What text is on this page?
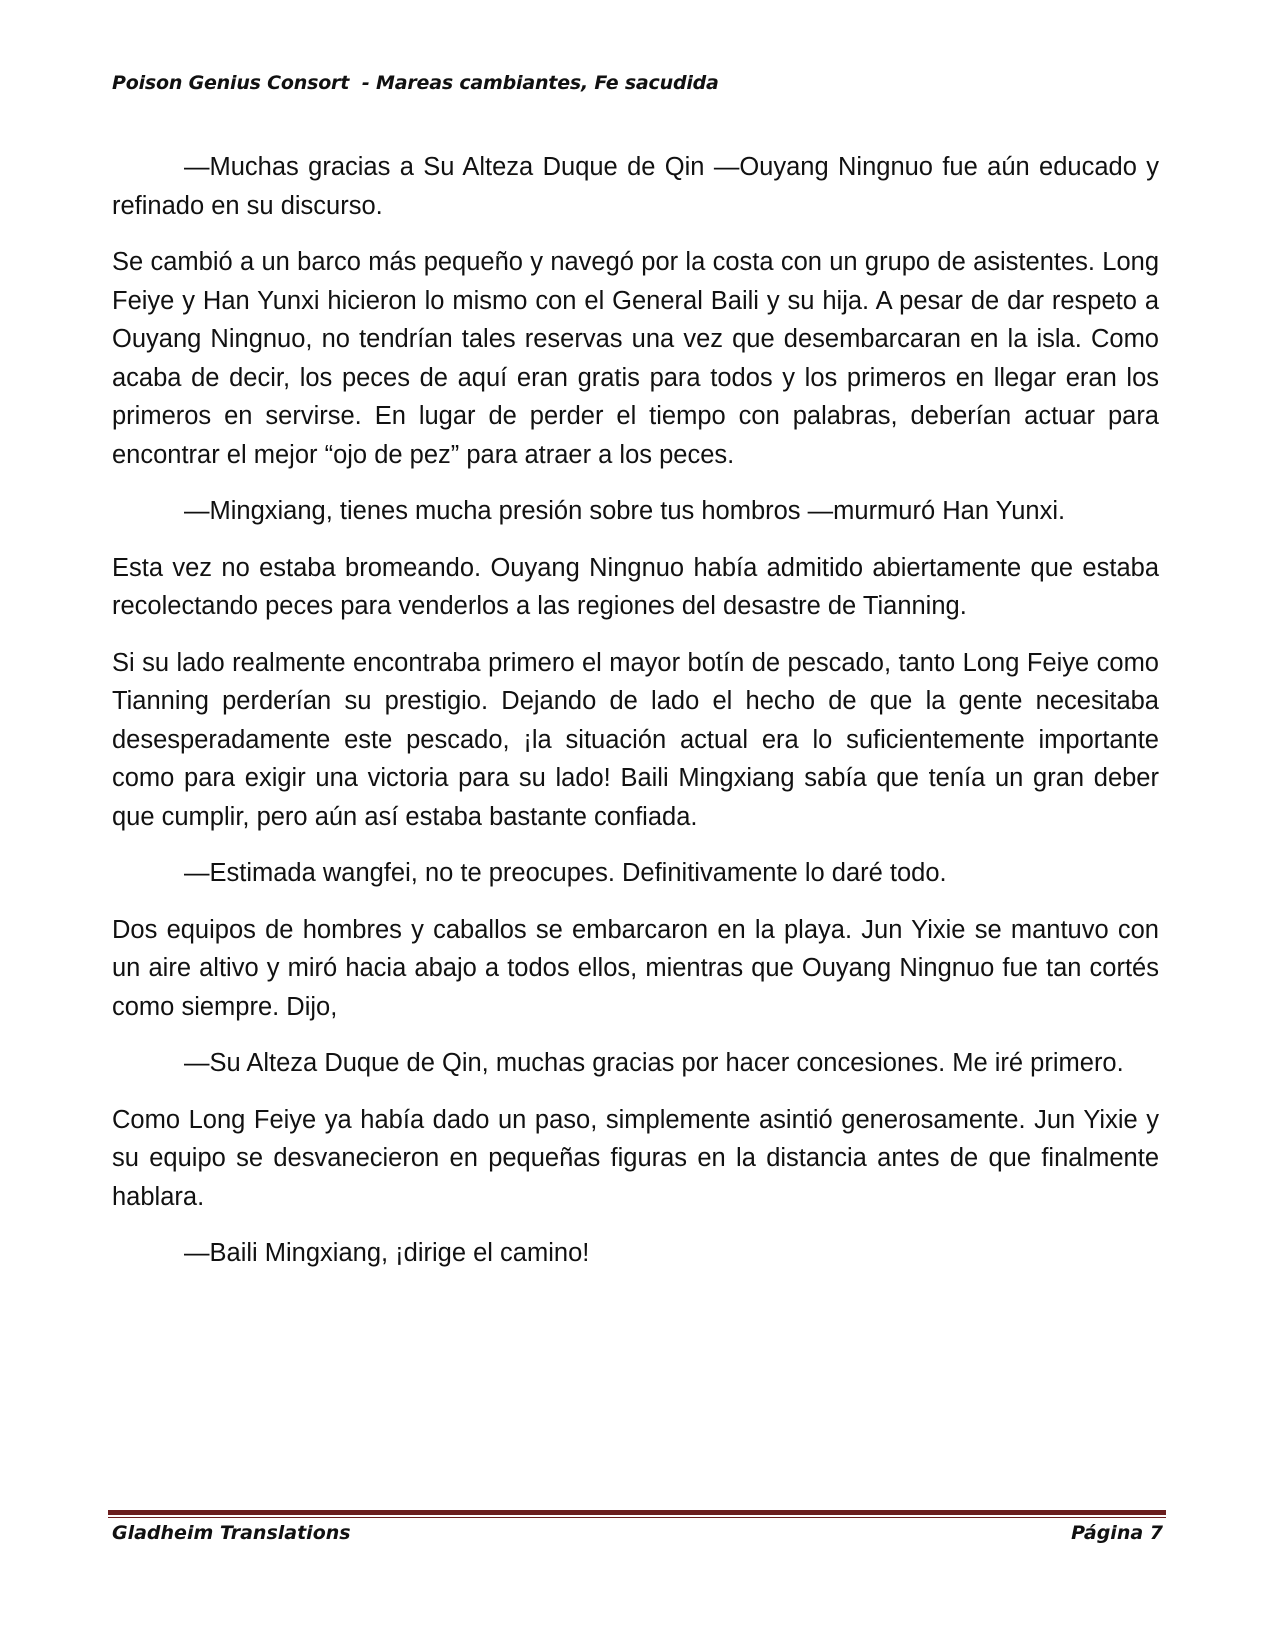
Poison Genius Consort  - Mareas cambiantes, Fe sacudida

—Muchas gracias a Su Alteza Duque de Qin —Ouyang Ningnuo fue aún educado y refinado en su discurso.

Se cambió a un barco más pequeño y navegó por la costa con un grupo de asistentes. Long Feiye y Han Yunxi hicieron lo mismo con el General Baili y su hija. A pesar de dar respeto a Ouyang Ningnuo, no tendrían tales reservas una vez que desembarcaran en la isla. Como acaba de decir, los peces de aquí eran gratis para todos y los primeros en llegar eran los primeros en servirse. En lugar de perder el tiempo con palabras, deberían actuar para encontrar el mejor “ojo de pez” para atraer a los peces.

—Mingxiang, tienes mucha presión sobre tus hombros —murmuró Han Yunxi.

Esta vez no estaba bromeando. Ouyang Ningnuo había admitido abiertamente que estaba recolectando peces para venderlos a las regiones del desastre de Tianning.

Si su lado realmente encontraba primero el mayor botín de pescado, tanto Long Feiye como Tianning perderían su prestigio. Dejando de lado el hecho de que la gente necesitaba desesperadamente este pescado, ¡la situación actual era lo suficientemente importante como para exigir una victoria para su lado! Baili Mingxiang sabía que tenía un gran deber que cumplir, pero aún así estaba bastante confiada.

—Estimada wangfei, no te preocupes. Definitivamente lo daré todo.

Dos equipos de hombres y caballos se embarcaron en la playa. Jun Yixie se mantuvo con un aire altivo y miró hacia abajo a todos ellos, mientras que Ouyang Ningnuo fue tan cortés como siempre. Dijo,

—Su Alteza Duque de Qin, muchas gracias por hacer concesiones. Me iré primero.

Como Long Feiye ya había dado un paso, simplemente asintió generosamente. Jun Yixie y su equipo se desvanecieron en pequeñas figuras en la distancia antes de que finalmente hablara.

—Baili Mingxiang, ¡dirige el camino!

Gladheim Translations	Página 7
